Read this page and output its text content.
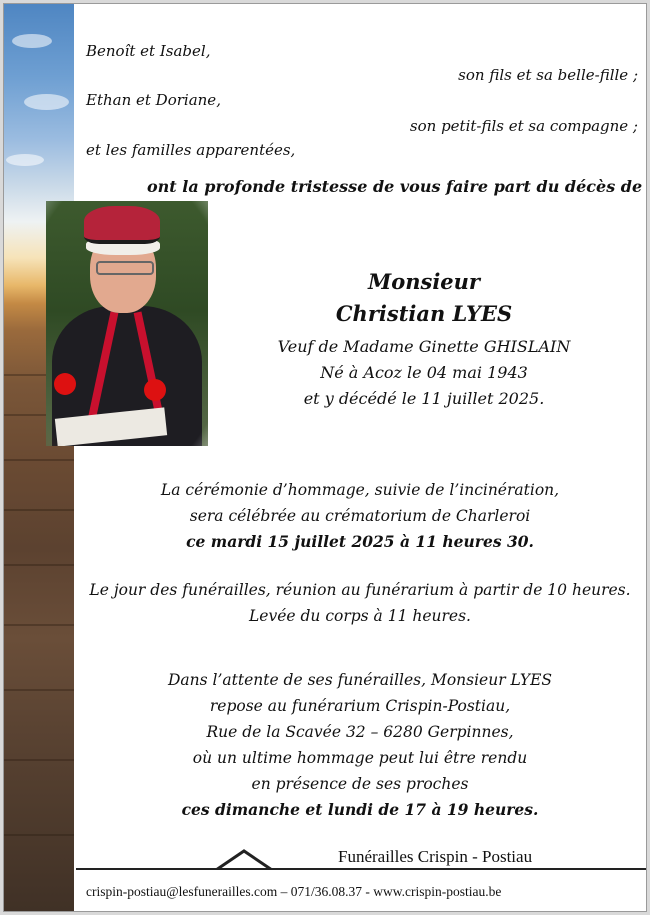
Benoît et Isabel,
son fils et sa belle-fille ;
Ethan et Doriane,
son petit-fils et sa compagne ;
et les familles apparentées,
ont la profonde tristesse de vous faire part du décès de
Monsieur
Christian LYES
Veuf de Madame Ginette GHISLAIN
Né à Acoz le 04 mai 1943
et y décédé le 11 juillet 2025.
La cérémonie d’hommage, suivie de l’incinération,
sera célébrée au crématorium de Charleroi
ce mardi 15 juillet 2025 à 11 heures 30.
Le jour des funérailles, réunion au funérarium à partir de 10 heures.
Levée du corps à 11 heures.
Dans l’attente de ses funérailles, Monsieur LYES
repose au funérarium Crispin-Postiau,
Rue de la Scavée 32 – 6280 Gerpinnes,
où un ultime hommage peut lui être rendu
en présence de ses proches
ces dimanche et lundi de 17 à 19 heures.
Funérailles Crispin - Postiau
crispin-postiau@lesfunerailles.com – 071/36.08.37 - www.crispin-postiau.be
